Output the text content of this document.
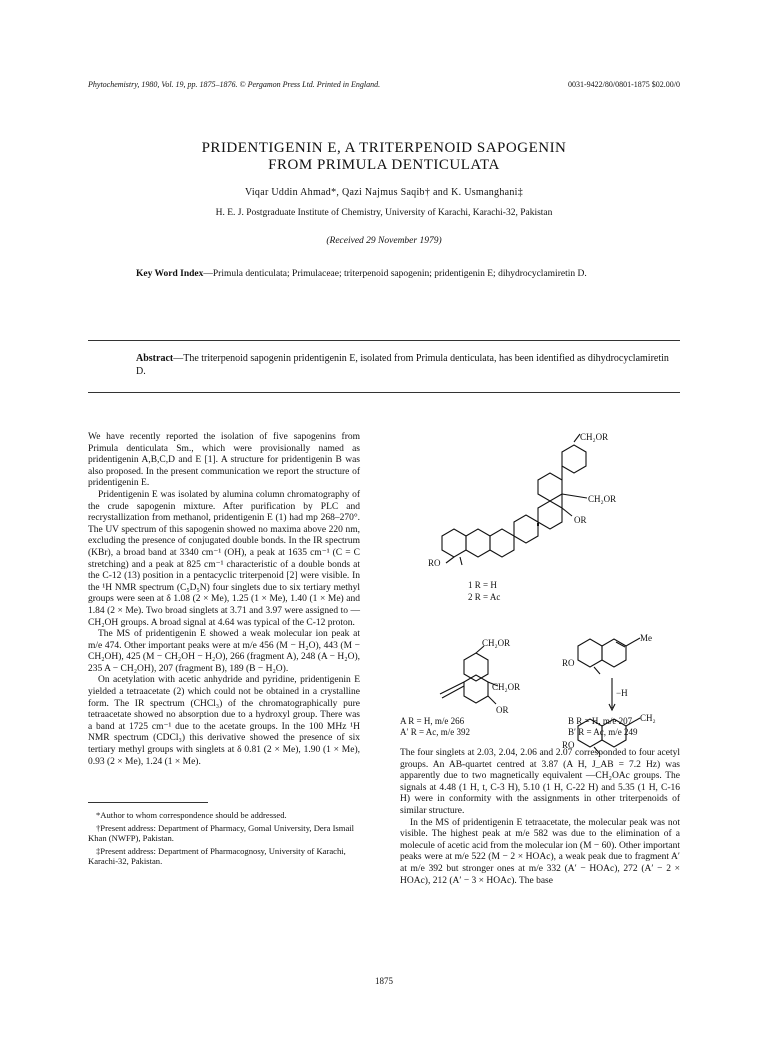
Phytochemistry, 1980, Vol. 19, pp. 1875–1876. © Pergamon Press Ltd. Printed in England.	0031-9422/80/0801-1875 $02.00/0
PRIDENTIGENIN E, A TRITERPENOID SAPOGENIN
FROM PRIMULA DENTICULATA
Viqar Uddin Ahmad*, Qazi Najmus Saqib† and K. Usmanghani‡
H. E. J. Postgraduate Institute of Chemistry, University of Karachi, Karachi-32, Pakistan
(Received 29 November 1979)
Key Word Index—Primula denticulata; Primulaceae; triterpenoid sapogenin; pridentigenin E; dihydrocyclamiretin D.
Abstract—The triterpenoid sapogenin pridentigenin E, isolated from Primula denticulata, has been identified as dihydrocyclamiretin D.

We have recently reported the isolation of five sapogenins from Primula denticulata Sm., which were provisionally named as pridentigenin A,B,C,D and E [1]. A structure for pridentigenin B was also proposed. In the present communication we report the structure of pridentigenin E.

Pridentigenin E was isolated by alumina column chromatography of the crude sapogenin mixture. After purification by PLC and recrystallization from methanol, pridentigenin E (1) had mp 268–270°. The UV spectrum of this sapogenin showed no maxima above 220 nm, excluding the presence of conjugated double bonds. In the IR spectrum (KBr), a broad band at 3340 cm⁻¹ (OH), a peak at 1635 cm⁻¹ (C = C stretching) and a peak at 825 cm⁻¹ characteristic of a double bonds at the C-12 (13) position in a pentacyclic triterpenoid [2] were visible. In the ¹H NMR spectrum (C₅D₅N) four singlets due to six tertiary methyl groups were seen at δ 1.08 (2 × Me), 1.25 (1 × Me), 1.40 (1 × Me) and 1.84 (2 × Me). Two broad singlets at 3.71 and 3.97 were assigned to —CH₂OH groups. A broad signal at 4.64 was typical of the C-12 proton.

The MS of pridentigenin E showed a weak molecular ion peak at m/e 474. Other important peaks were at m/e 456 (M − H₂O), 443 (M − CH₂OH), 425 (M − CH₂OH − H₂O), 266 (fragment A), 248 (A − H₂O), 235 A − CH₂OH), 207 (fragment B), 189 (B − H₂O).

On acetylation with acetic anhydride and pyridine, pridentigenin E yielded a tetraacetate (2) which could not be obtained in a crystalline form. The IR spectrum (CHCl₃) of the chromatographically pure tetraacetate showed no absorption due to a hydroxyl group. There was a band at 1725 cm⁻¹ due to the acetate groups. In the 100 MHz ¹H NMR spectrum (CDCl₃) this derivative showed the presence of six tertiary methyl groups with singlets at δ 0.81 (2 × Me), 1.90 (1 × Me), 0.93 (2 × Me), 1.24 (1 × Me).

*Author to whom correspondence should be addressed.

†Present address: Department of Pharmacy, Gomal University, Dera Ismail Khan (NWFP), Pakistan.

‡Present address: Department of Pharmacognosy, University of Karachi, Karachi-32, Pakistan.

CH₂OR
CH₂OR
OR
RO
1 R = H
2 R = Ac
Me
RO
−H
CH₂
RO
CH₂OR
CH₂OR
OR
A R = H, m/e 266
A′ R = Ac, m/e 392
B R = H, m/e 207
B′ R = Ac, m/e 249

The four singlets at 2.03, 2.04, 2.06 and 2.07 corresponded to four acetyl groups. An AB-quartet centred at 3.87 (A H, J_AB = 7.2 Hz) was apparently due to two magnetically equivalent —CH₂OAc groups. The signals at 4.48 (1 H, t, C-3 H), 5.10 (1 H, C-22 H) and 5.35 (1 H, C-16 H) were in conformity with the assignments in other triterpenoids of similar structure.

In the MS of pridentigenin E tetraacetate, the molecular peak was not visible. The highest peak at m/e 582 was due to the elimination of a molecule of acetic acid from the molecular ion (M − 60). Other important peaks were at m/e 522 (M − 2 × HOAc), a weak peak due to fragment A′ at m/e 392 but stronger ones at m/e 332 (A′ − HOAc), 272 (A′ − 2 × HOAc), 212 (A′ − 3 × HOAc). The base

1875
